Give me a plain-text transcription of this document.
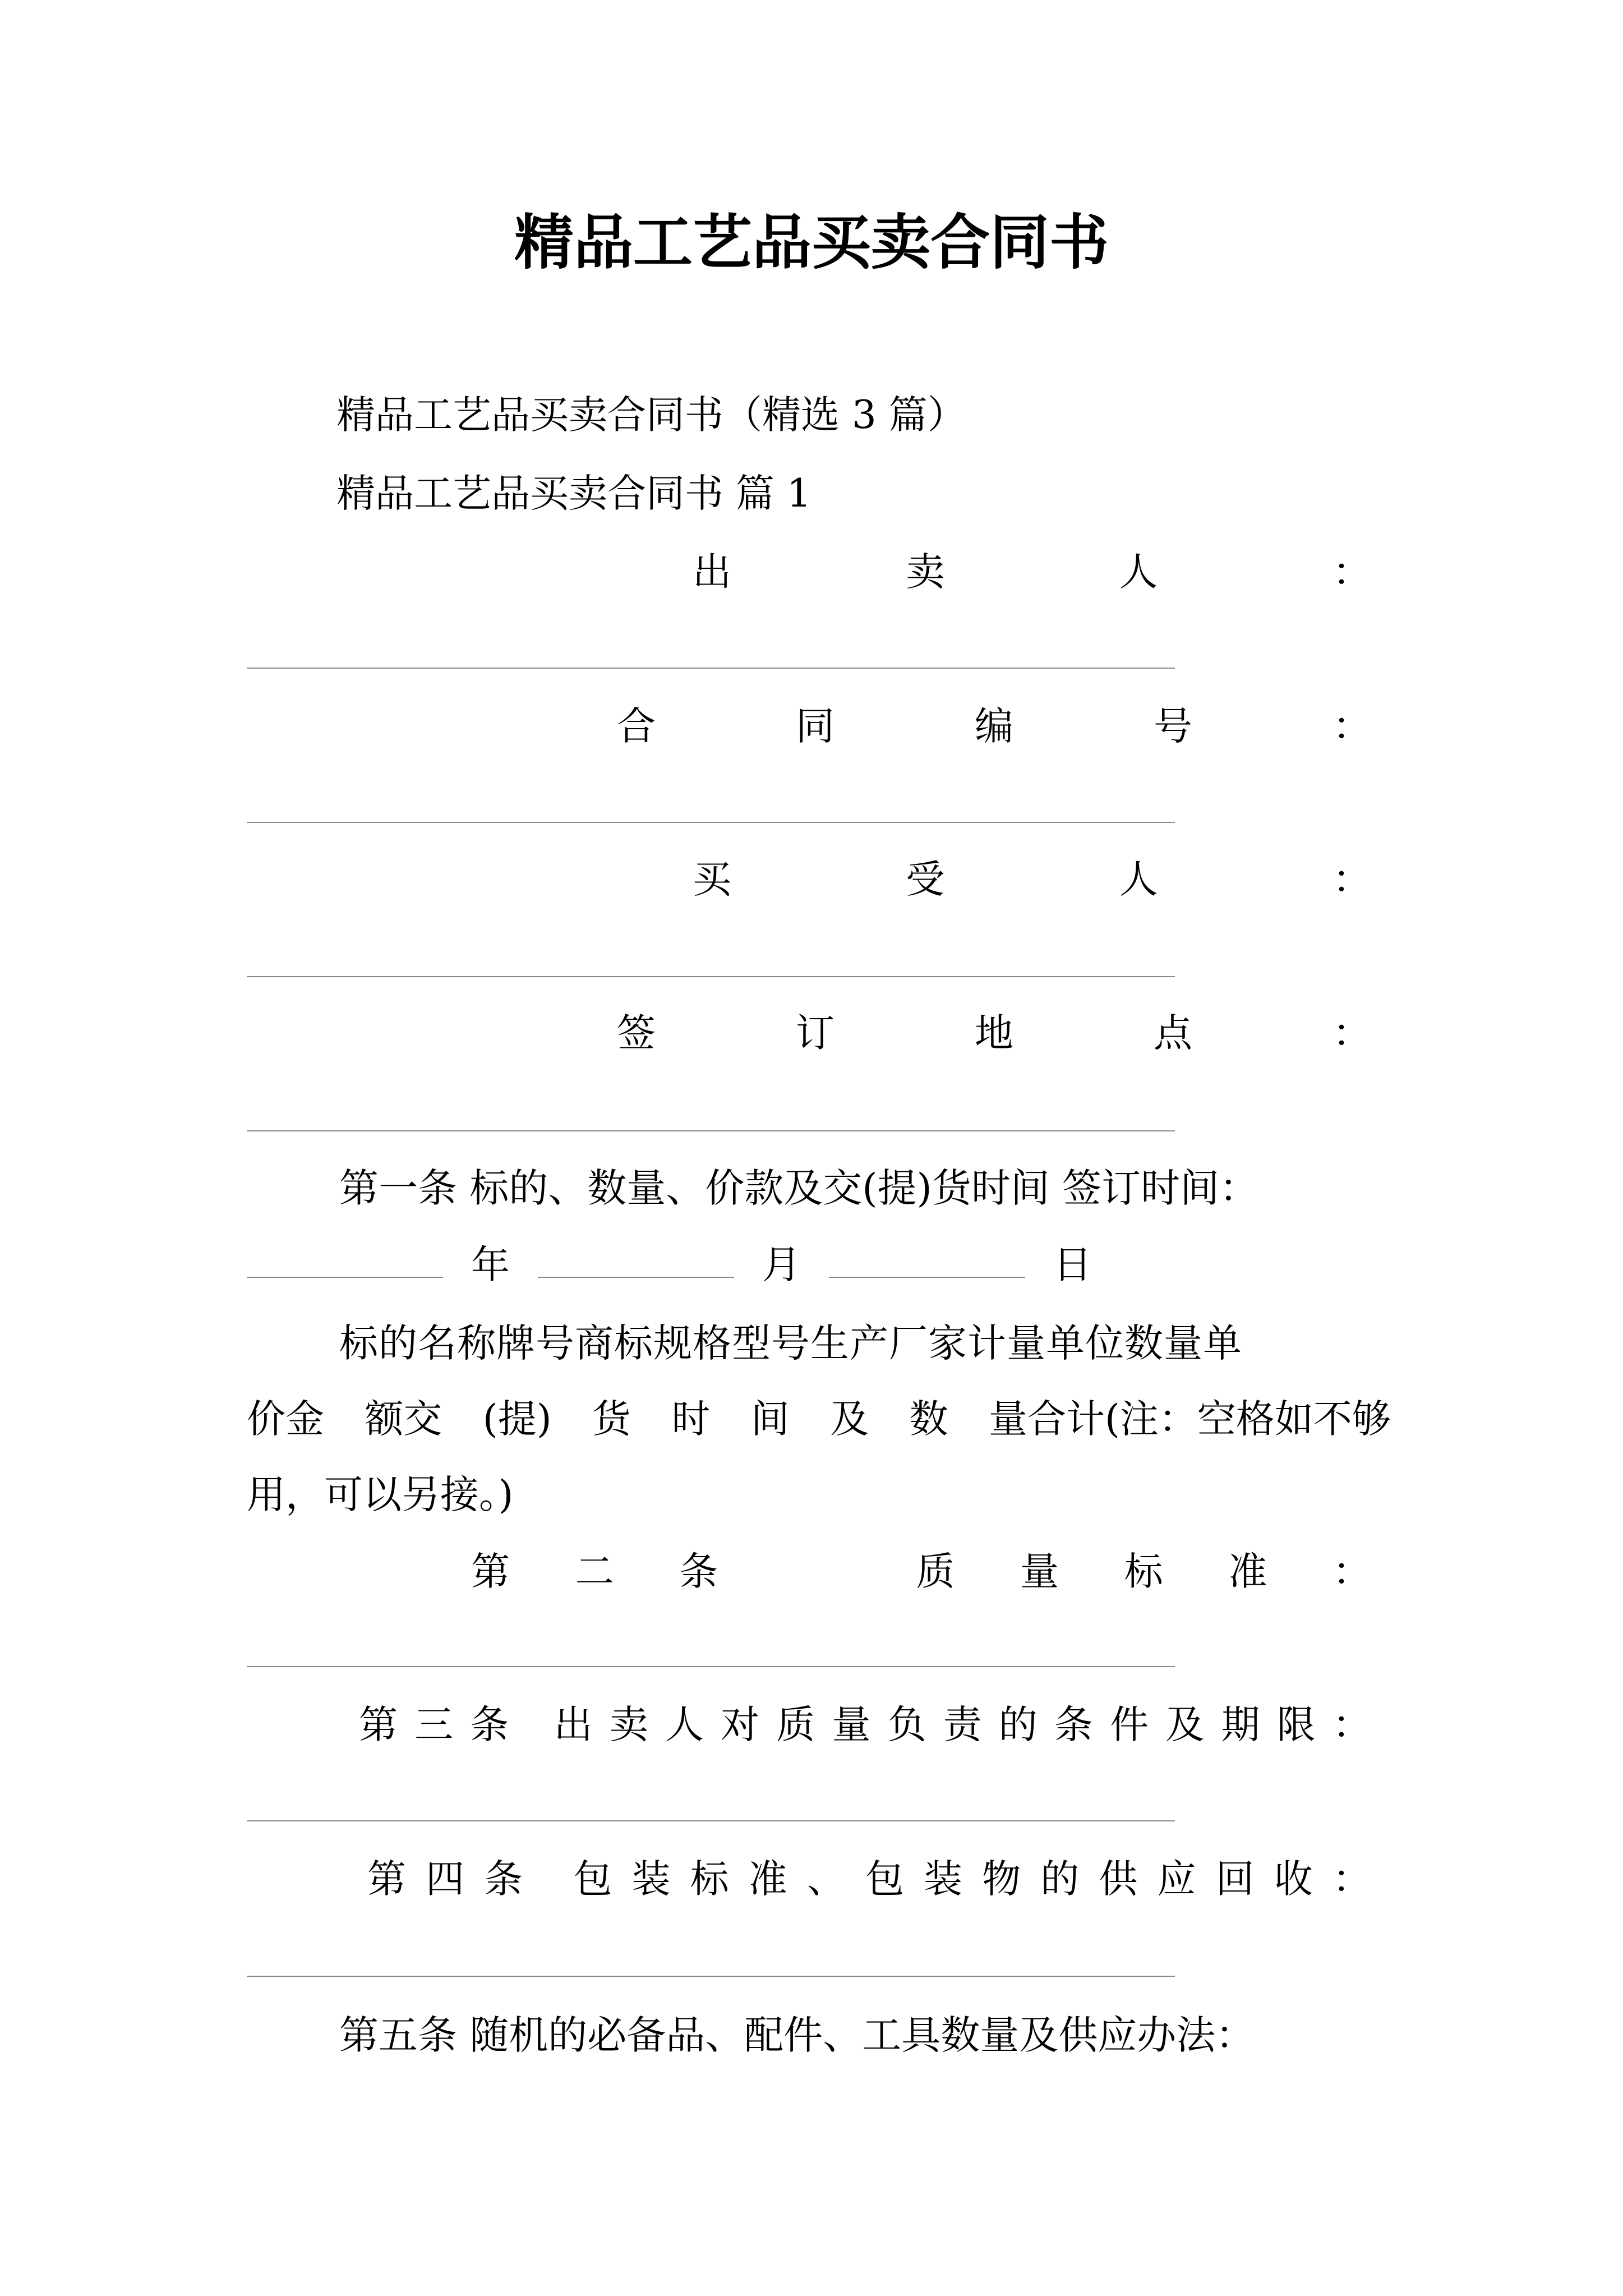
精品工艺品买卖合同书
精品工艺品买卖合同书（精选 3 篇）
精品工艺品买卖合同书 篇 1
出	卖	人	：
合	同	编	号	：
买	受	人	：
签	订	地	点	：
第一条 标的、数量、价款及交(提)货时间 签订时间：
年	月	日
标的名称牌号商标规格型号生产厂家计量单位数量单
价金 额交 (提) 货 时 间 及 数 量合计(注：空格如不够
用，可以另接。)
第 二 条	质 量 标 准 ：
第 三 条 出 卖 人 对 质 量 负 责 的 条 件 及 期 限 ：
第 四 条 包 装 标 准 、 包 装 物 的 供 应 回 收 ：
第五条 随机的必备品、配件、工具数量及供应办法：
